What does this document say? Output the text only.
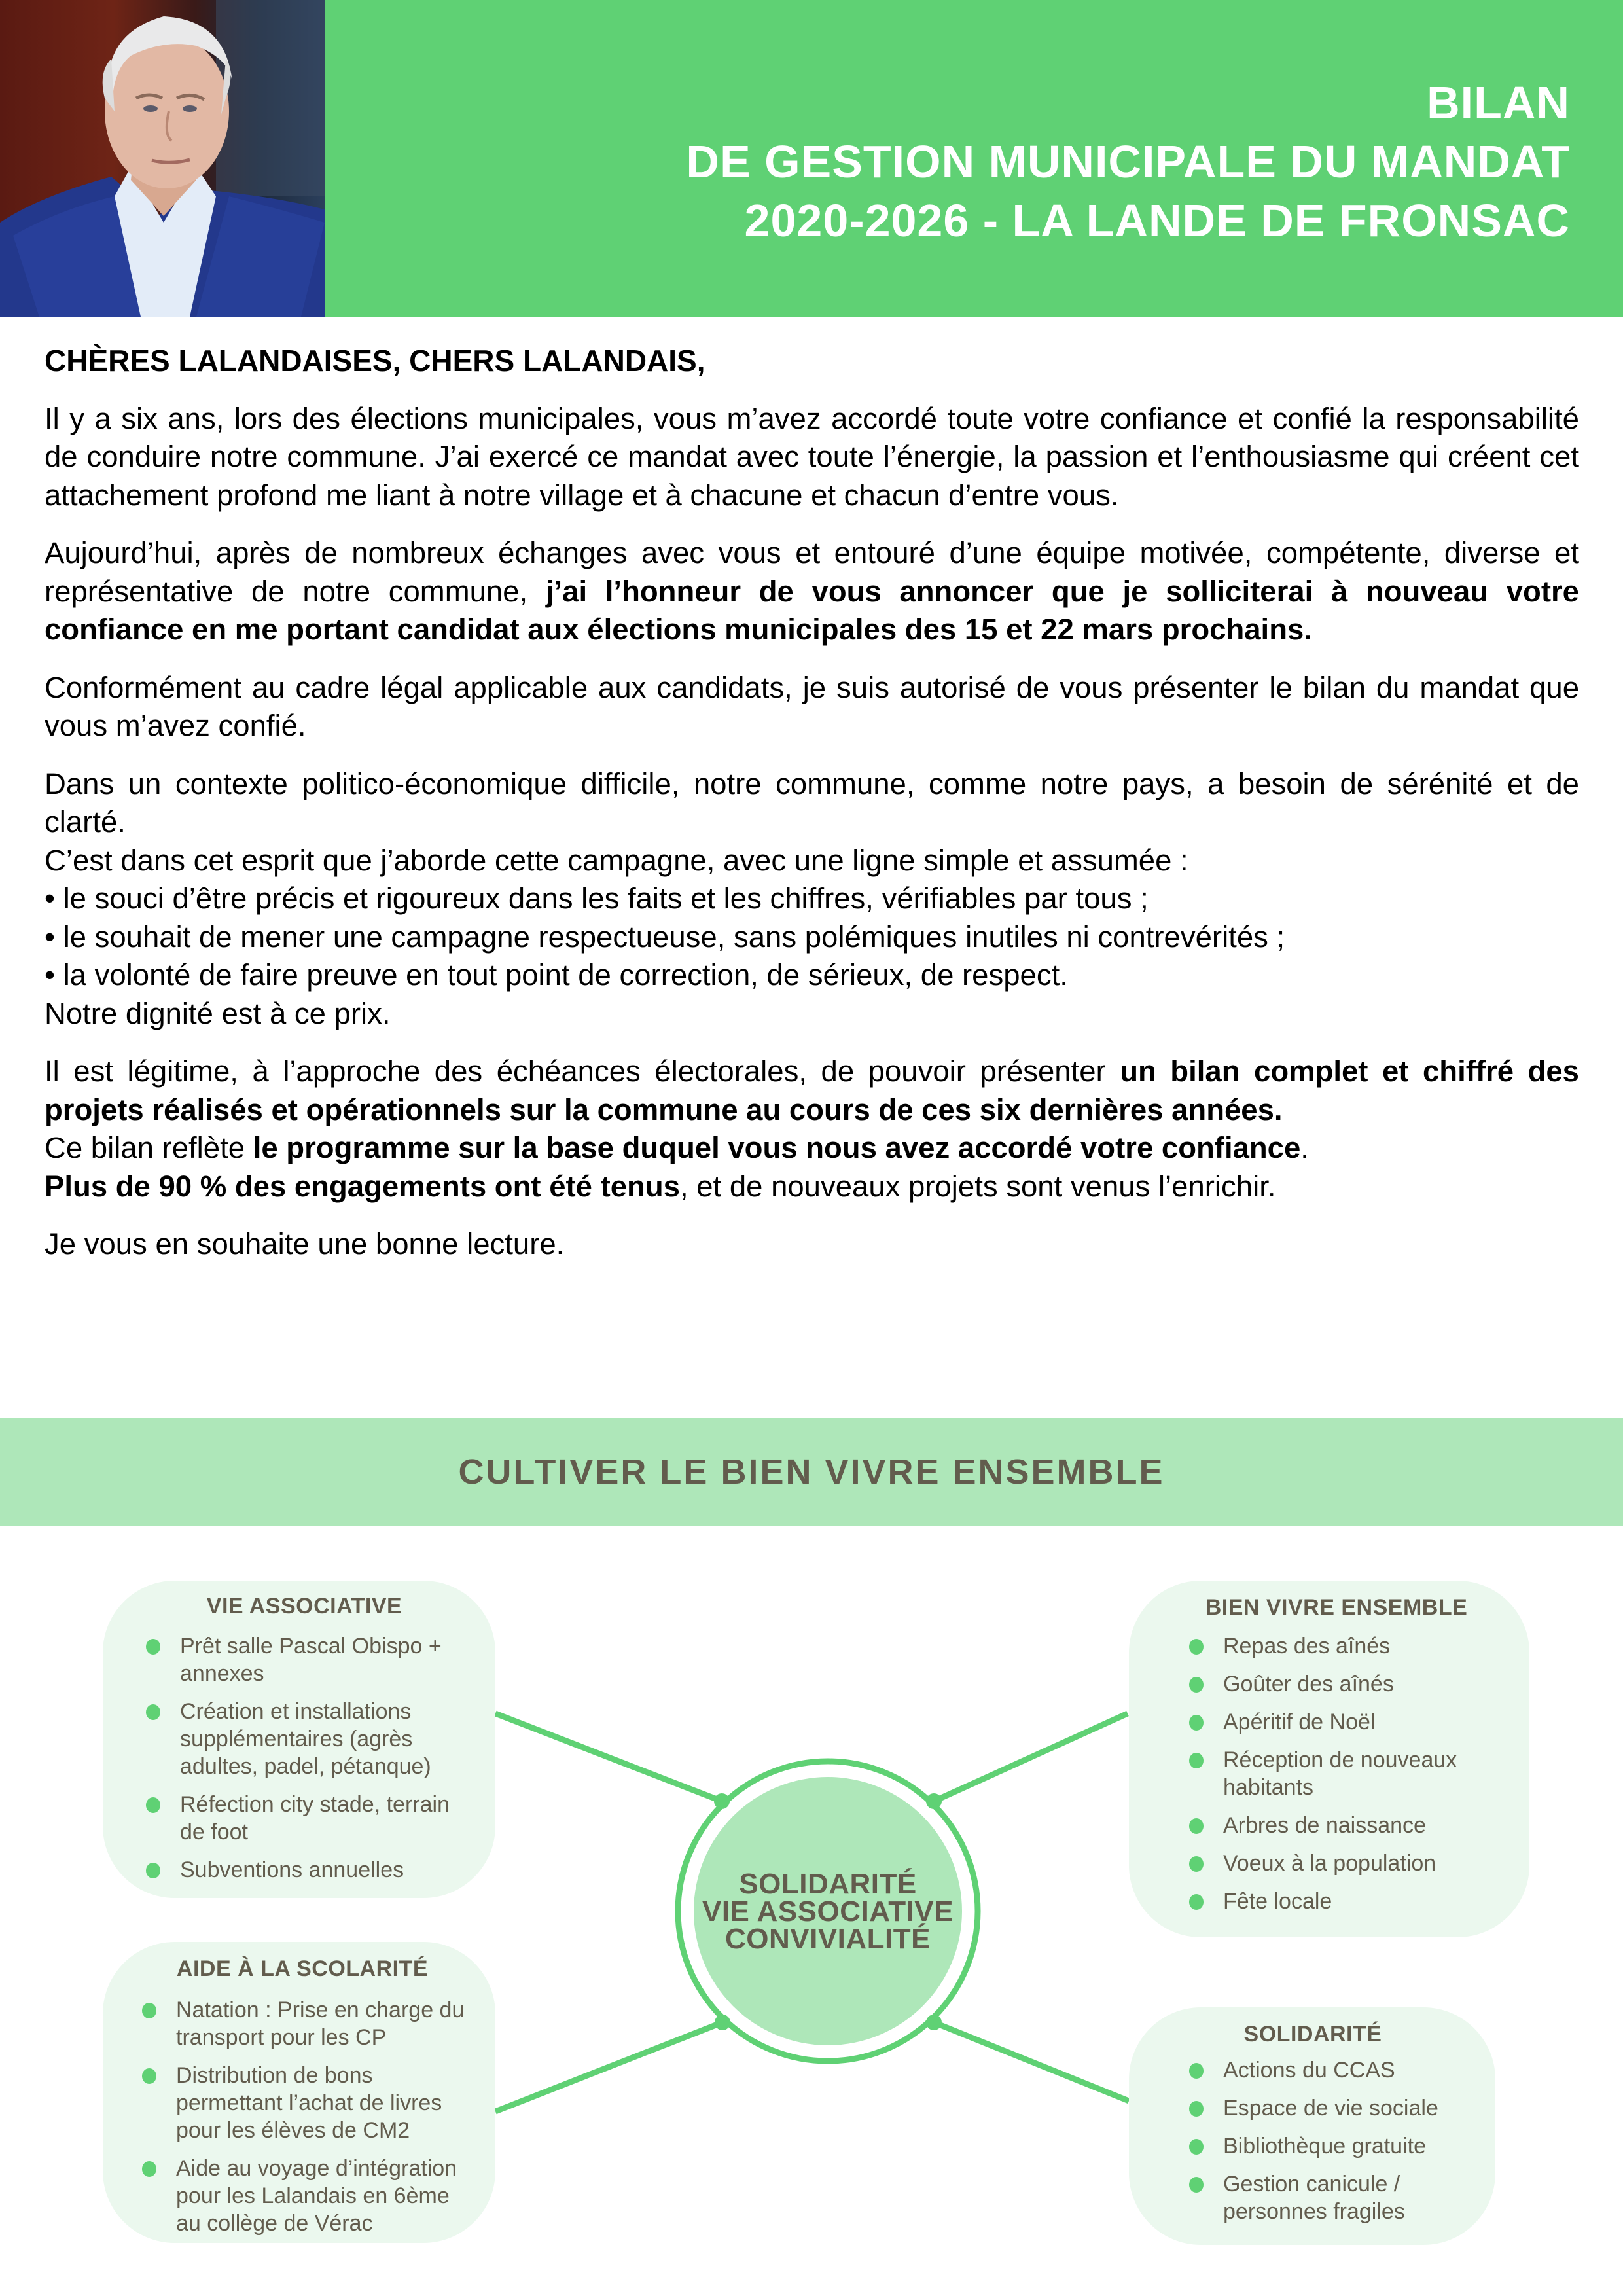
BILAN
DE GESTION MUNICIPALE DU MANDAT
2020-2026 - LA LANDE DE FRONSAC
CHÈRES LALANDAISES, CHERS LALANDAIS,

Il y a six ans, lors des élections municipales, vous m’avez accordé toute votre confiance et confié la responsabilité de conduire notre commune. J’ai exercé ce mandat avec toute l’énergie, la passion et l’enthousiasme qui créent cet attachement profond me liant à notre village et à chacune et chacun d’entre vous.

Aujourd’hui, après de nombreux échanges avec vous et entouré d’une équipe motivée, compétente, diverse et représentative de notre commune, j’ai l’honneur de vous annoncer que je solliciterai à nouveau votre confiance en me portant candidat aux élections municipales des 15 et 22 mars prochains.

Conformément au cadre légal applicable aux candidats, je suis autorisé de vous présenter le bilan du mandat que vous m’avez confié.

Dans un contexte politico-économique difficile, notre commune, comme notre pays, a besoin de sérénité et de clarté.
C’est dans cet esprit que j’aborde cette campagne, avec une ligne simple et assumée :
• le souci d’être précis et rigoureux dans les faits et les chiffres, vérifiables par tous ;
• le souhait de mener une campagne respectueuse, sans polémiques inutiles ni contrevérités ;
• la volonté de faire preuve en tout point de correction, de sérieux, de respect.
Notre dignité est à ce prix.

Il est légitime, à l’approche des échéances électorales, de pouvoir présenter un bilan complet et chiffré des projets réalisés et opérationnels sur la commune au cours de ces six dernières années.

Ce bilan reflète le programme sur la base duquel vous nous avez accordé votre confiance.

Plus de 90 % des engagements ont été tenus, et de nouveaux projets sont venus l’enrichir.

Je vous en souhaite une bonne lecture.

CULTIVER LE BIEN VIVRE ENSEMBLE
SOLIDARITÉ
VIE ASSOCIATIVE
CONVIVIALITÉ
VIE ASSOCIATIVE
Prêt salle Pascal Obispo + annexes
Création et installations supplémentaires (agrès adultes, padel, pétanque)
Réfection city stade, terrain de foot
Subventions annuelles
AIDE À LA SCOLARITÉ
Natation : Prise en charge du transport pour les CP
Distribution de bons permettant l’achat de livres pour les élèves de CM2
Aide au voyage d’intégration pour les Lalandais en 6ème au collège de Vérac
BIEN VIVRE ENSEMBLE
Repas des aînés
Goûter des aînés
Apéritif de Noël
Réception de nouveaux habitants
Arbres de naissance
Voeux à la population
Fête locale
SOLIDARITÉ
Actions du CCAS
Espace de vie sociale
Bibliothèque gratuite
Gestion canicule / personnes fragiles
